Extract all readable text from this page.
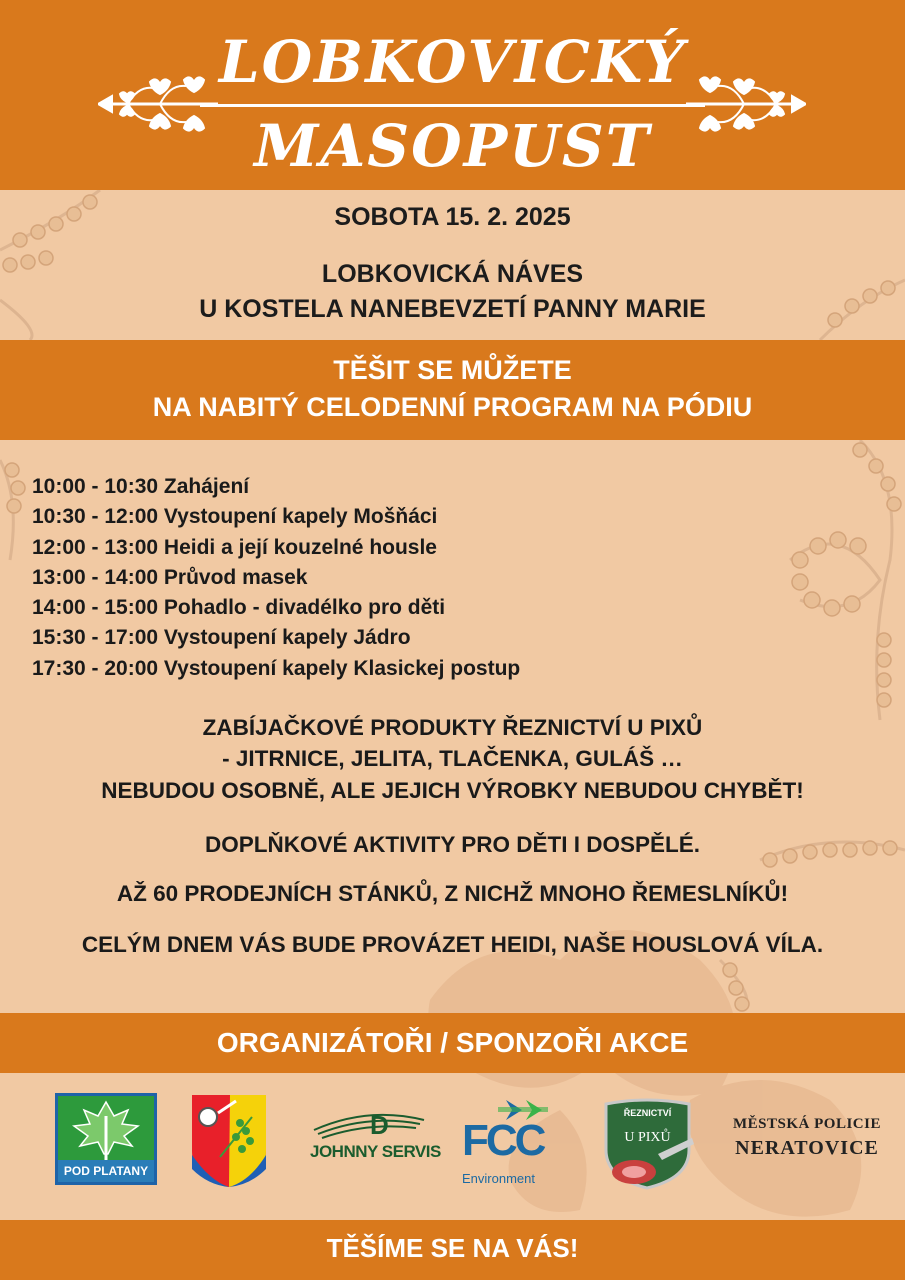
LOBKOVICKÝ
MASOPUST
SOBOTA 15. 2. 2025
LOBKOVICKÁ NÁVES
U KOSTELA NANEBEVZETÍ PANNY MARIE
TĚŠIT SE MŮŽETE
NA NABITÝ CELODENNÍ PROGRAM NA PÓDIU
10:00 - 10:30 Zahájení
10:30 - 12:00 Vystoupení kapely Mošňáci
12:00 - 13:00 Heidi a její kouzelné housle
13:00 - 14:00 Průvod masek
14:00 - 15:00 Pohadlo - divadélko pro děti
15:30 - 17:00 Vystoupení kapely Jádro
17:30 - 20:00 Vystoupení kapely Klasickej postup
ZABÍJAČKOVÉ PRODUKTY ŘEZNICTVÍ U PIXŮ
- JITRNICE, JELITA, TLAČENKA, GULÁŠ …
NEBUDOU OSOBNĚ, ALE JEJICH VÝROBKY NEBUDOU CHYBĚT!
DOPLŇKOVÉ AKTIVITY PRO DĚTI I DOSPĚLÉ.
AŽ 60 PRODEJNÍCH STÁNKŮ, Z NICHŽ MNOHO ŘEMESLNÍKŮ!
CELÝM DNEM VÁS BUDE PROVÁZET HEIDI, NAŠE HOUSLOVÁ VÍLA.
ORGANIZÁTOŘI / SPONZOŘI AKCE
POD PLATANY
D
JOHNNY SERVIS FCC
Environment
ŘEZNICTVÍ
U PIXŮ
MĚSTSKÁ POLICIE
NERATOVICE
TĚŠÍME SE NA VÁS!
